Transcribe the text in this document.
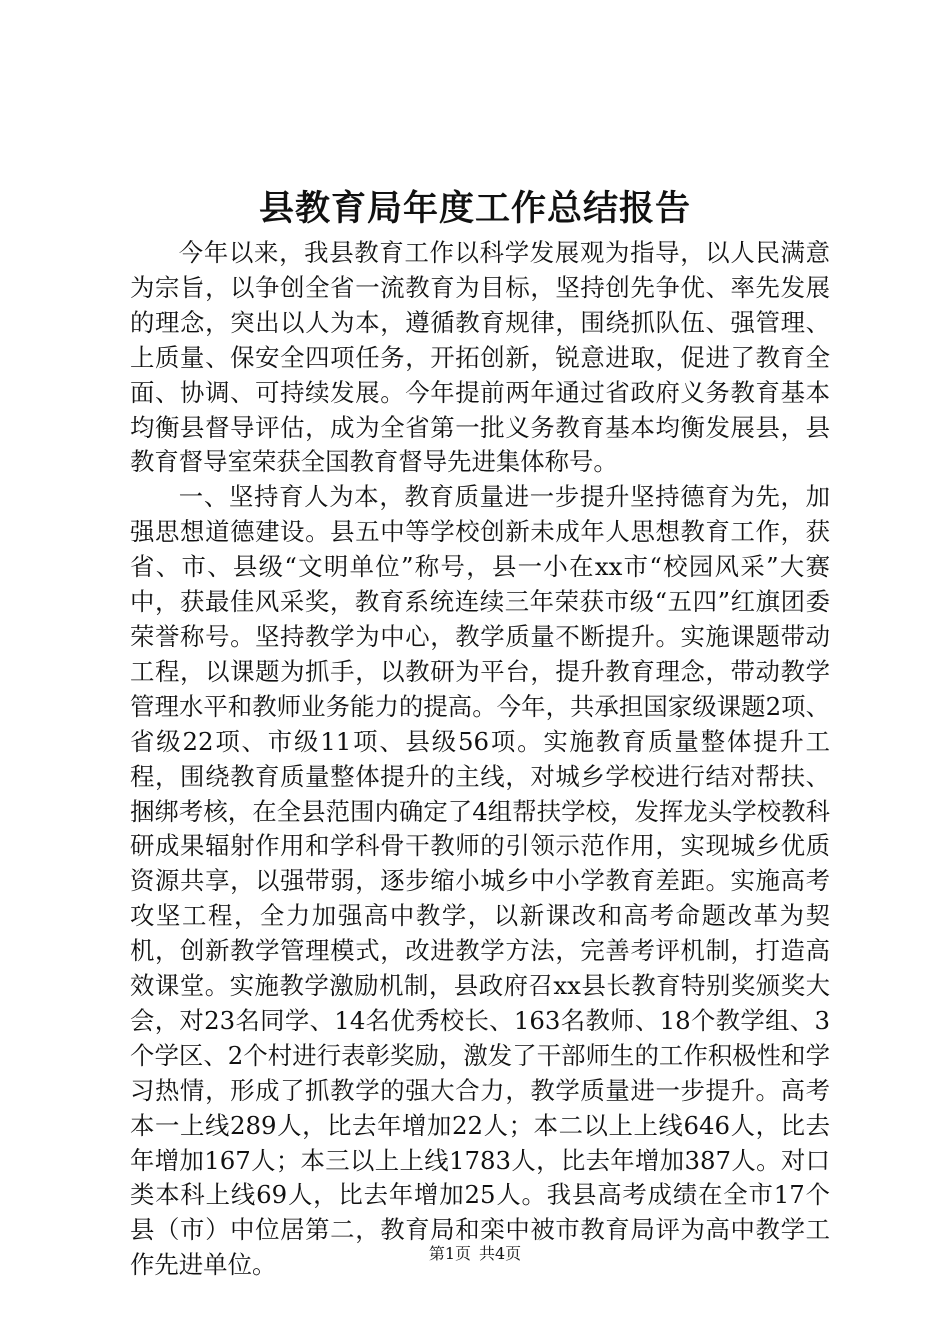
县教育局年度工作总结报告

今年以来，我县教育工作以科学发展观为指导，以人民满意为宗旨，以争创全省一流教育为目标，坚持创先争优、率先发展的理念，突出以人为本，遵循教育规律，围绕抓队伍、强管理、上质量、保安全四项任务，开拓创新，锐意进取，促进了教育全面、协调、可持续发展。今年提前两年通过省政府义务教育基本均衡县督导评估，成为全省第一批义务教育基本均衡发展县，县教育督导室荣获全国教育督导先进集体称号。

一、坚持育人为本，教育质量进一步提升坚持德育为先，加强思想道德建设。县五中等学校创新未成年人思想教育工作，获省、市、县级“文明单位”称号，县一小在xx市“校园风采”大赛中，获最佳风采奖，教育系统连续三年荣获市级“五四”红旗团委荣誉称号。坚持教学为中心，教学质量不断提升。实施课题带动工程，以课题为抓手，以教研为平台，提升教育理念，带动教学管理水平和教师业务能力的提高。今年，共承担国家级课题2项、省级22项、市级11项、县级56项。实施教育质量整体提升工程，围绕教育质量整体提升的主线，对城乡学校进行结对帮扶、捆绑考核，在全县范围内确定了4组帮扶学校，发挥龙头学校教科研成果辐射作用和学科骨干教师的引领示范作用，实现城乡优质资源共享，以强带弱，逐步缩小城乡中小学教育差距。实施高考攻坚工程，全力加强高中教学，以新课改和高考命题改革为契机，创新教学管理模式，改进教学方法，完善考评机制，打造高效课堂。实施教学激励机制，县政府召xx县长教育特别奖颁奖大会，对23名同学、14名优秀校长、163名教师、18个教学组、3个学区、2个村进行表彰奖励，激发了干部师生的工作积极性和学习热情，形成了抓教学的强大合力，教学质量进一步提升。高考本一上线289人，比去年增加22人；本二以上上线646人，比去年增加167人；本三以上上线1783人，比去年增加387人。对口类本科上线69人，比去年增加25人。我县高考成绩在全市17个县（市）中位居第二，教育局和栾中被市教育局评为高中教学工作先进单位。	第1页 共4页
